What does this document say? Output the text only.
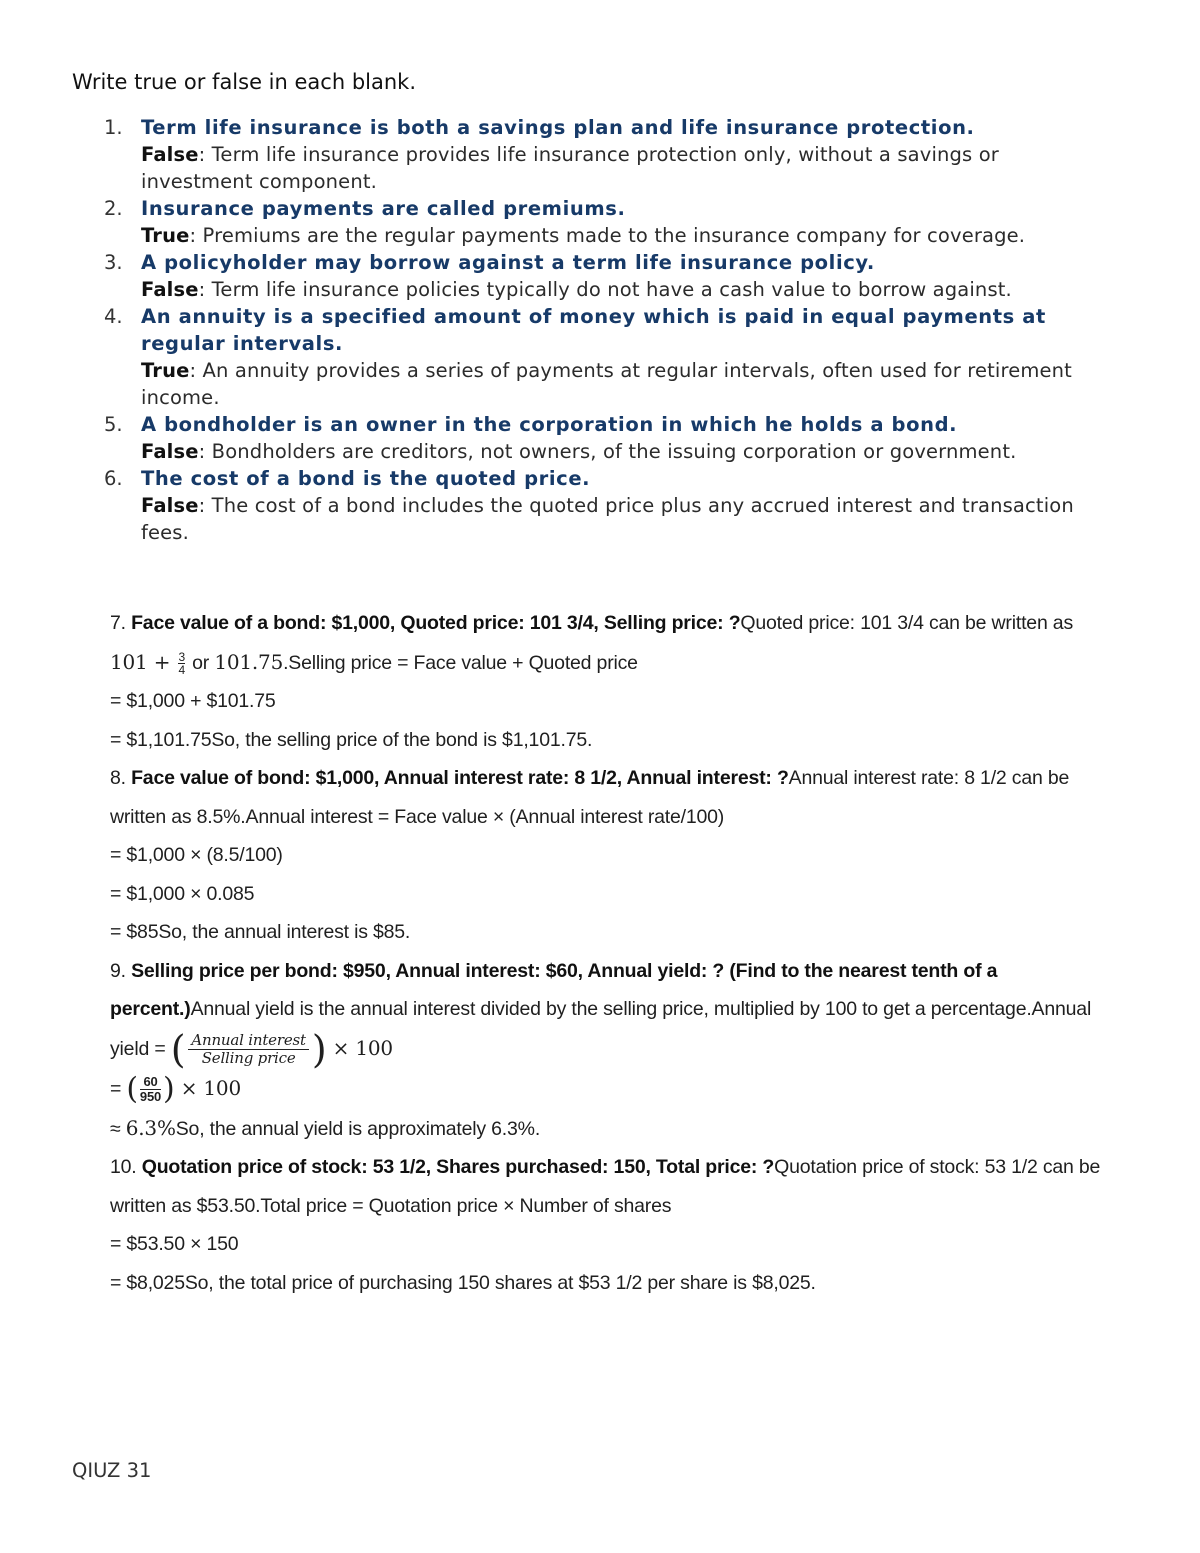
Write true or false in each blank.
1. Term life insurance is both a savings plan and life insurance protection.
False: Term life insurance provides life insurance protection only, without a savings or investment component.
2. Insurance payments are called premiums.
True: Premiums are the regular payments made to the insurance company for coverage.
3. A policyholder may borrow against a term life insurance policy.
False: Term life insurance policies typically do not have a cash value to borrow against.
4. An annuity is a specified amount of money which is paid in equal payments at regular intervals.
True: An annuity provides a series of payments at regular intervals, often used for retirement income.
5. A bondholder is an owner in the corporation in which he holds a bond.
False: Bondholders are creditors, not owners, of the issuing corporation or government.
6. The cost of a bond is the quoted price.
False: The cost of a bond includes the quoted price plus any accrued interest and transaction fees.

7. Face value of a bond: $1,000, Quoted price: 101 3/4, Selling price: ?Quoted price: 101 3/4 can be written as $101 + \frac{3}{4}$ or 101.75.Selling price = Face value + Quoted price

= $1,000 + $101.75

= $1,101.75So, the selling price of the bond is $1,101.75.

8. Face value of bond: $1,000, Annual interest rate: 8 1/2, Annual interest: ?Annual interest rate: 8 1/2 can be written as 8.5%.Annual interest = Face value × (Annual interest rate/100)

= $1,000 × (8.5/100)

= $1,000 × 0.085

= $85So, the annual interest is $85.

9. Selling price per bond: $950, Annual interest: $60, Annual yield: ? (Find to the nearest tenth of a percent.)Annual yield is the annual interest divided by the selling price, multiplied by 100 to get a percentage.Annual yield = ( Annual interest
Selling price ) × 100

= ( $\frac{60}{950}$ ) × 100

≈ 6.3%So, the annual yield is approximately 6.3%.

10. Quotation price of stock: 53 1/2, Shares purchased: 150, Total price: ?Quotation price of stock: 53 1/2 can be written as $53.50.Total price = Quotation price × Number of shares

= $53.50 × 150

= $8,025So, the total price of purchasing 150 shares at $53 1/2 per share is $8,025.

QIUZ 31
